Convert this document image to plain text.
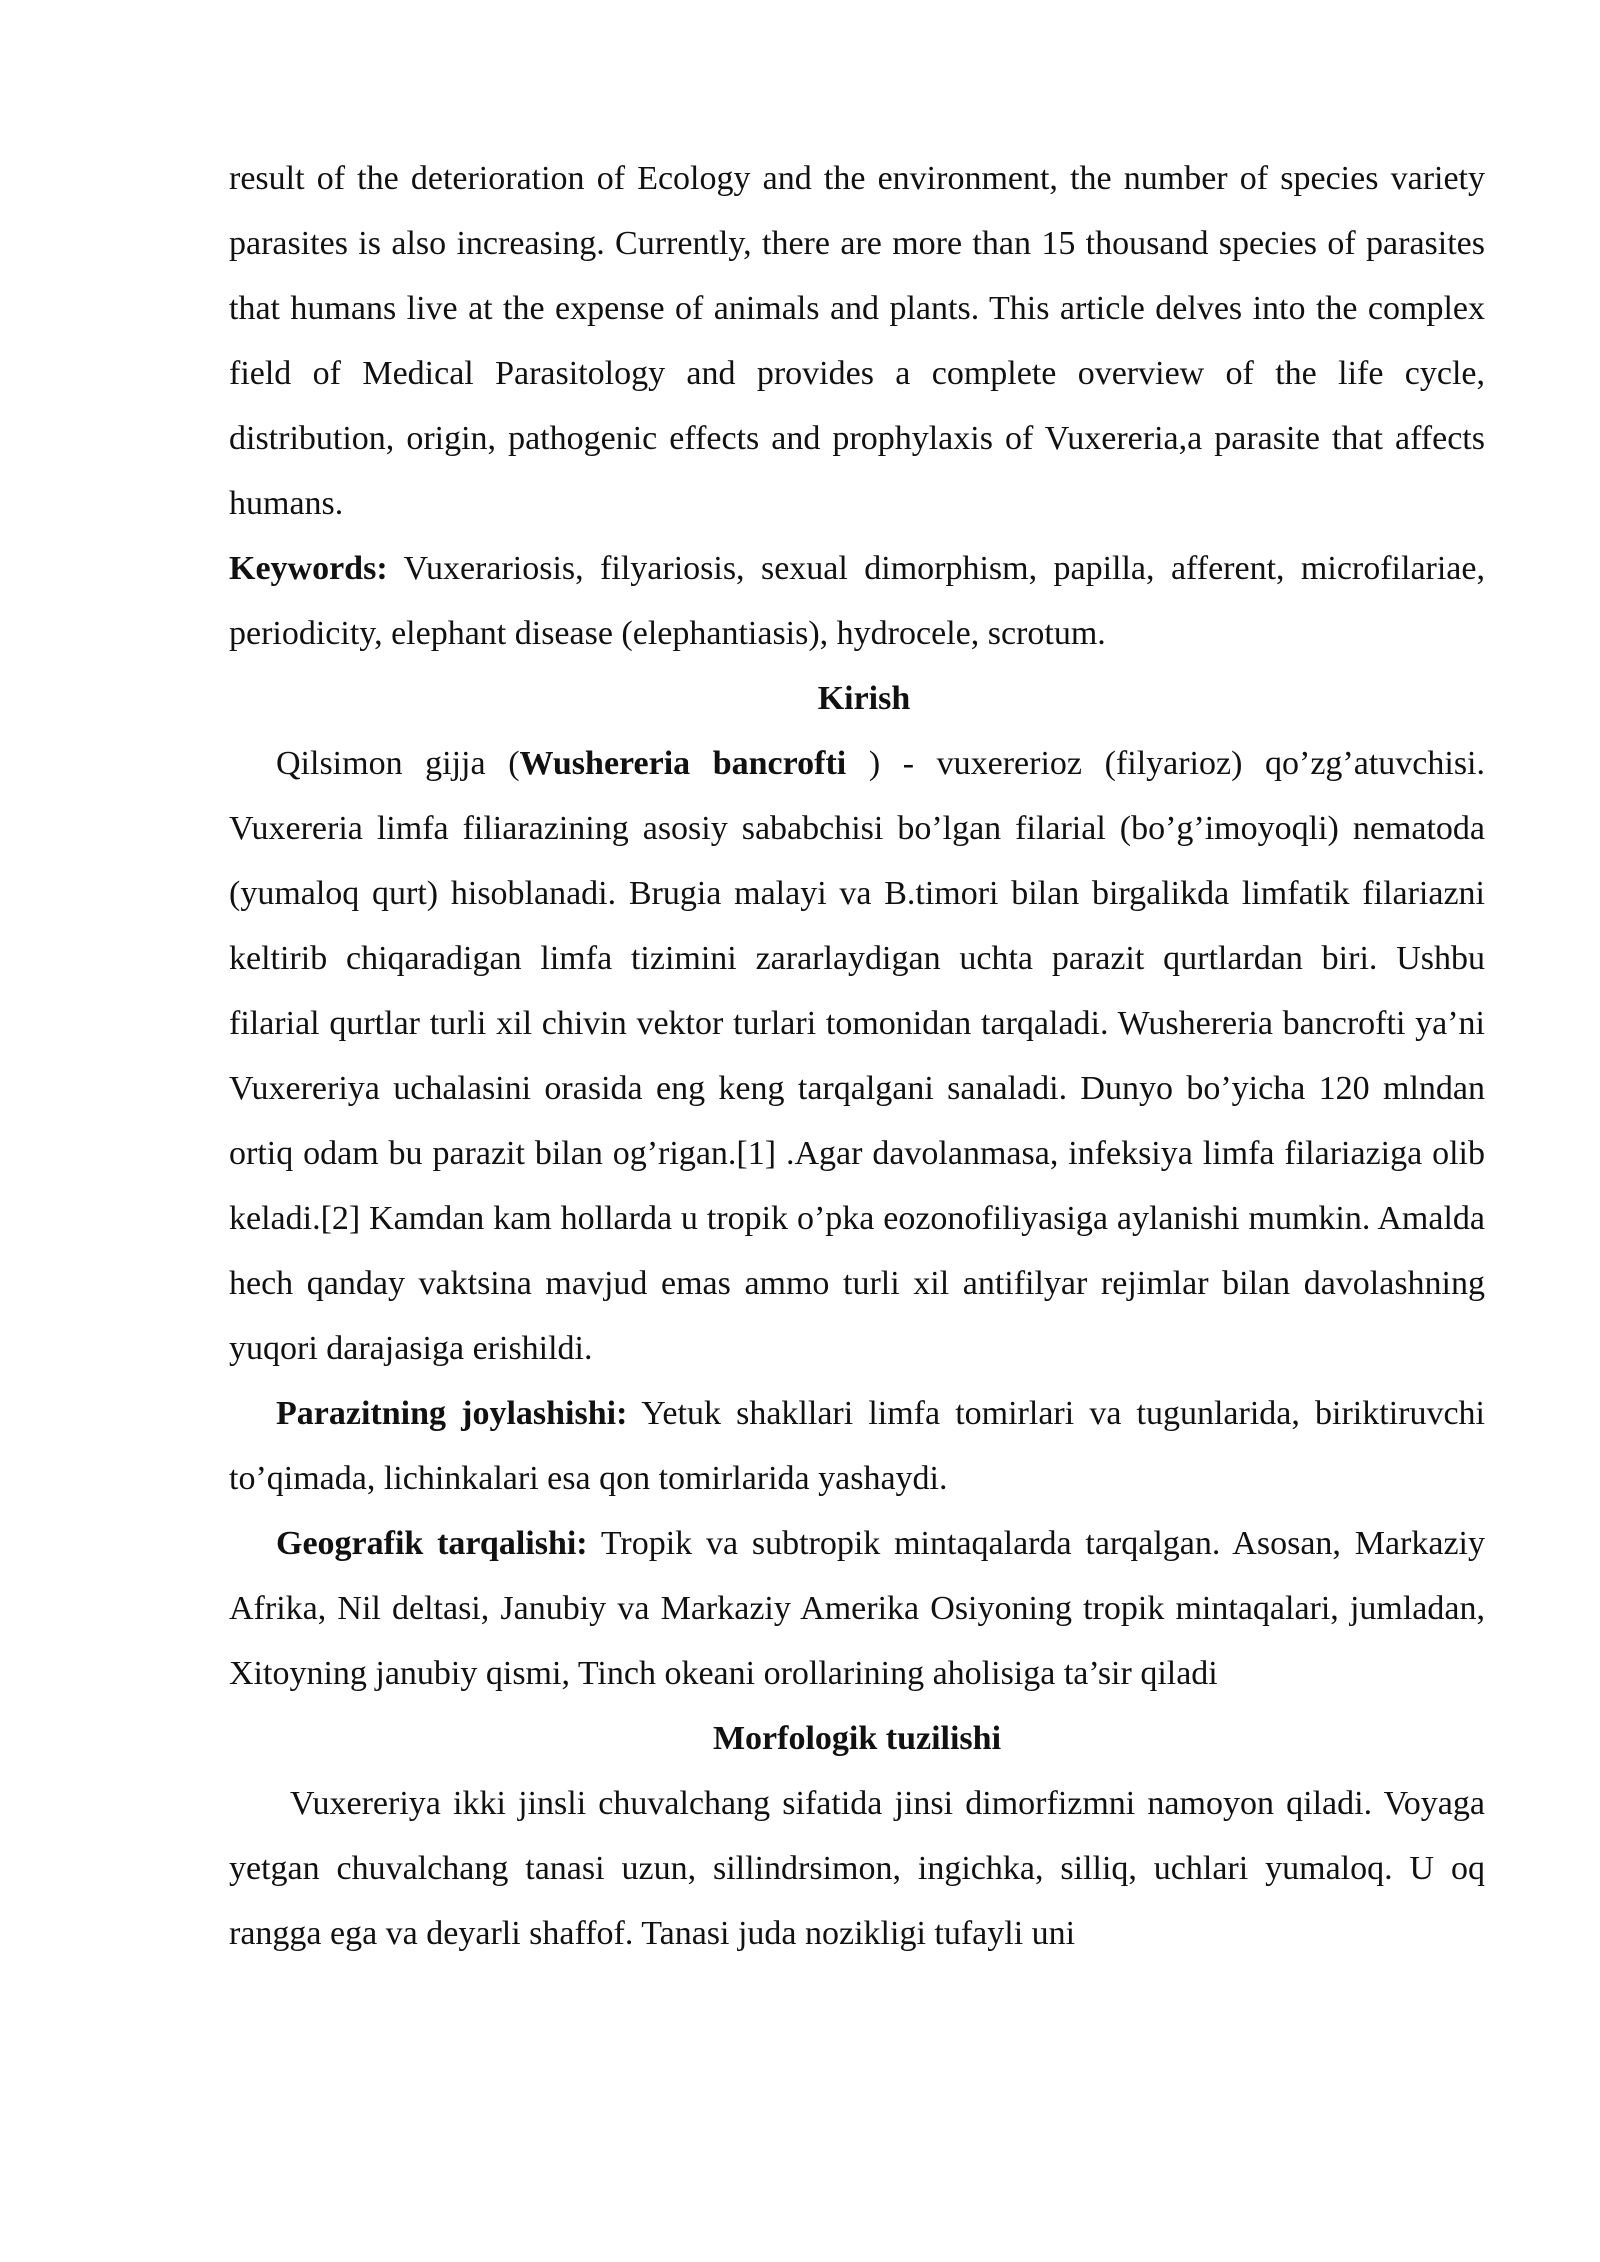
result of the deterioration of Ecology and the environment, the number of species variety parasites is also increasing. Currently, there are more than 15 thousand species of parasites that humans live at the expense of animals and plants. This article delves into the complex field of Medical Parasitology and provides a complete overview of the life cycle, distribution, origin, pathogenic effects and prophylaxis of Vuxereria,a parasite that affects humans.

Keywords: Vuxerariosis, filyariosis, sexual dimorphism, papilla, afferent, microfilariae, periodicity, elephant disease (elephantiasis), hydrocele, scrotum.

Kirish

Qilsimon gijja (Wushereria bancrofti ) - vuxererioz (filyarioz) qo’zg’atuvchisi. Vuxereria limfa filiarazining asosiy sababchisi bo’lgan filarial (bo’g’imoyoqli) nematoda (yumaloq qurt) hisoblanadi. Brugia malayi va B.timori bilan birgalikda limfatik filariazni keltirib chiqaradigan limfa tizimini zararlaydigan uchta parazit qurtlardan biri. Ushbu filarial qurtlar turli xil chivin vektor turlari tomonidan tarqaladi. Wushereria bancrofti ya’ni Vuxereriya uchalasini orasida eng keng tarqalgani sanaladi. Dunyo bo’yicha 120 mlndan ortiq odam bu parazit bilan og’rigan.[1] .Agar davolanmasa, infeksiya limfa filariaziga olib keladi.[2] Kamdan kam hollarda u tropik o’pka eozonofiliyasiga aylanishi mumkin. Amalda hech qanday vaktsina mavjud emas ammo turli xil antifilyar rejimlar bilan davolashning yuqori darajasiga erishildi.

Parazitning joylashishi: Yetuk shakllari limfa tomirlari va tugunlarida, biriktiruvchi to’qimada, lichinkalari esa qon tomirlarida yashaydi.

Geografik tarqalishi: Tropik va subtropik mintaqalarda tarqalgan. Asosan, Markaziy Afrika, Nil deltasi, Janubiy va Markaziy Amerika Osiyoning tropik mintaqalari, jumladan, Xitoyning janubiy qismi, Tinch okeani orollarining aholisiga ta’sir qiladi

Morfologik tuzilishi

Vuxereriya ikki jinsli chuvalchang sifatida jinsi dimorfizmni namoyon qiladi. Voyaga yetgan chuvalchang tanasi uzun, sillindrsimon, ingichka, silliq, uchlari yumaloq. U oq rangga ega va deyarli shaffof. Tanasi juda nozikligi tufayli uni
